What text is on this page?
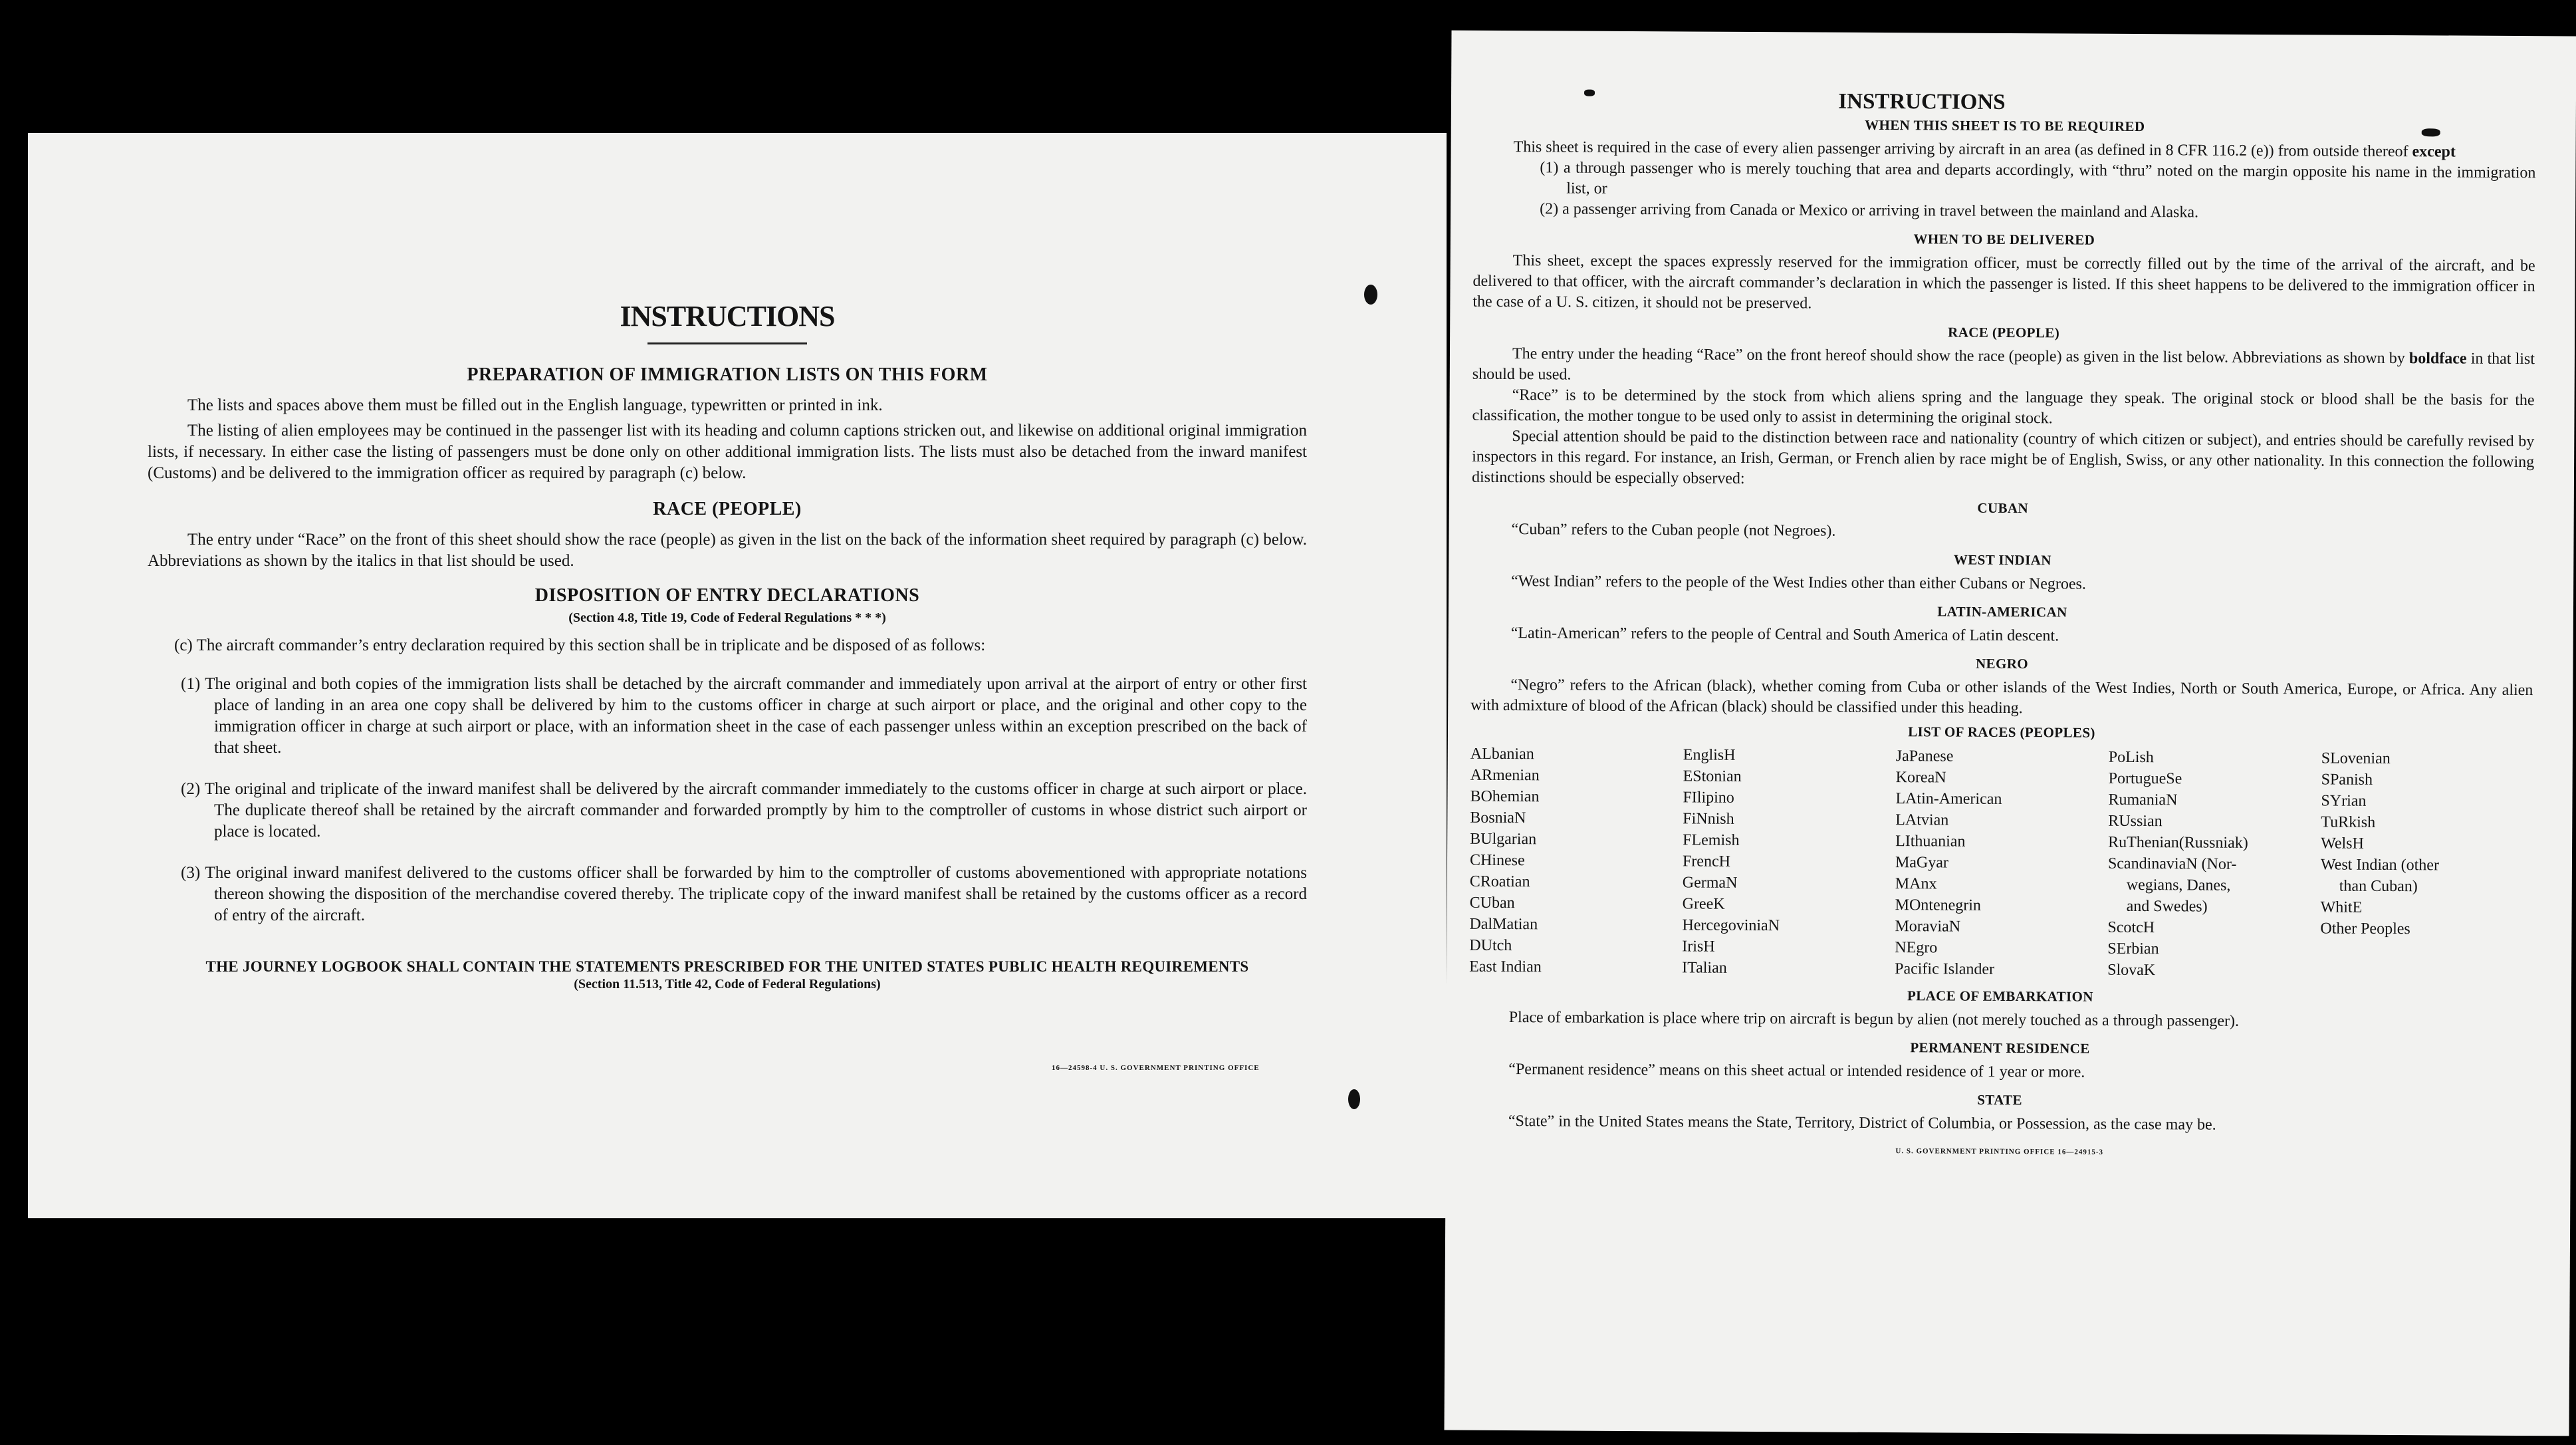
INSTRUCTIONS
PREPARATION OF IMMIGRATION LISTS ON THIS FORM

The lists and spaces above them must be filled out in the English language, typewritten or printed in ink.

The listing of alien employees may be continued in the passenger list with its heading and column captions stricken out, and likewise on additional original immigration lists, if necessary. In either case the listing of passengers must be done only on other additional immigration lists. The lists must also be detached from the inward manifest (Customs) and be delivered to the immigration officer as required by paragraph (c) below.

RACE (PEOPLE)

The entry under “Race” on the front of this sheet should show the race (people) as given in the list on the back of the information sheet required by paragraph (c) below. Abbreviations as shown by the italics in that list should be used.

DISPOSITION OF ENTRY DECLARATIONS
(Section 4.8, Title 19, Code of Federal Regulations * * *)

(c) The aircraft commander’s entry declaration required by this section shall be in triplicate and be disposed of as follows:

(1) The original and both copies of the immigration lists shall be detached by the aircraft commander and immediately upon arrival at the airport of entry or other first place of landing in an area one copy shall be delivered by him to the customs officer in charge at such airport or place, and the original and other copy to the immigration officer in charge at such airport or place, with an information sheet in the case of each passenger unless within an exception prescribed on the back of that sheet.

(2) The original and triplicate of the inward manifest shall be delivered by the aircraft commander immediately to the customs officer in charge at such airport or place. The duplicate thereof shall be retained by the aircraft commander and forwarded promptly by him to the comptroller of customs in whose district such airport or place is located.

(3) The original inward manifest delivered to the customs officer shall be forwarded by him to the comptroller of customs abovementioned with appropriate notations thereon showing the disposition of the merchandise covered thereby. The triplicate copy of the inward manifest shall be retained by the customs officer as a record of entry of the aircraft.

THE JOURNEY LOGBOOK SHALL CONTAIN THE STATEMENTS PRESCRIBED FOR THE UNITED STATES PUBLIC HEALTH REQUIREMENTS
(Section 11.513, Title 42, Code of Federal Regulations)
16—24598-4 U. S. GOVERNMENT PRINTING OFFICE
INSTRUCTIONS
WHEN THIS SHEET IS TO BE REQUIRED

This sheet is required in the case of every alien passenger arriving by aircraft in an area (as defined in 8 CFR 116.2 (e)) from outside thereof except

(1) a through passenger who is merely touching that area and departs accordingly, with “thru” noted on the margin opposite his name in the immigration list, or

(2) a passenger arriving from Canada or Mexico or arriving in travel between the mainland and Alaska.

WHEN TO BE DELIVERED

This sheet, except the spaces expressly reserved for the immigration officer, must be correctly filled out by the time of the arrival of the aircraft, and be delivered to that officer, with the aircraft commander’s declaration in which the passenger is listed. If this sheet happens to be delivered to the immigration officer in the case of a U. S. citizen, it should not be preserved.

RACE (PEOPLE)

The entry under the heading “Race” on the front hereof should show the race (people) as given in the list below. Abbreviations as shown by boldface in that list should be used.

“Race” is to be determined by the stock from which aliens spring and the language they speak. The original stock or blood shall be the basis for the classification, the mother tongue to be used only to assist in determining the original stock.

Special attention should be paid to the distinction between race and nationality (country of which citizen or subject), and entries should be carefully revised by inspectors in this regard. For instance, an Irish, German, or French alien by race might be of English, Swiss, or any other nationality. In this connection the following distinctions should be especially observed:

CUBAN

“Cuban” refers to the Cuban people (not Negroes).

WEST INDIAN

“West Indian” refers to the people of the West Indies other than either Cubans or Negroes.

LATIN-AMERICAN

“Latin-American” refers to the people of Central and South America of Latin descent.

NEGRO

“Negro” refers to the African (black), whether coming from Cuba or other islands of the West Indies, North or South America, Europe, or Africa. Any alien with admixture of blood of the African (black) should be classified under this heading.

LIST OF RACES (PEOPLES)
ALbanian
ARmenian
BOhemian
BosniaN
BUlgarian
CHinese
CRoatian
CUban
DalMatian
DUtch
East Indian
EnglisH
EStonian
FIlipino
FiNnish
FLemish
FrencH
GermaN
GreeK
HercegoviniaN
IrisH
ITalian
JaPanese
KoreaN
LAtin-American
LAtvian
LIthuanian
MaGyar
MAnx
MOntenegrin
MoraviaN
NEgro
Pacific Islander
PoLish
PortugueSe
RumaniaN
RUssian
RuThenian(Russniak)
ScandinaviaN (Nor-
wegians, Danes,
and Swedes)
ScotcH
SErbian
SlovaK
SLovenian
SPanish
SYrian
TuRkish
WelsH
West Indian (other
than Cuban)
WhitE
Other Peoples
PLACE OF EMBARKATION

Place of embarkation is place where trip on aircraft is begun by alien (not merely touched as a through passenger).

PERMANENT RESIDENCE

“Permanent residence” means on this sheet actual or intended residence of 1 year or more.

STATE

“State” in the United States means the State, Territory, District of Columbia, or Possession, as the case may be.

U. S. GOVERNMENT PRINTING OFFICE 16—24915-3
